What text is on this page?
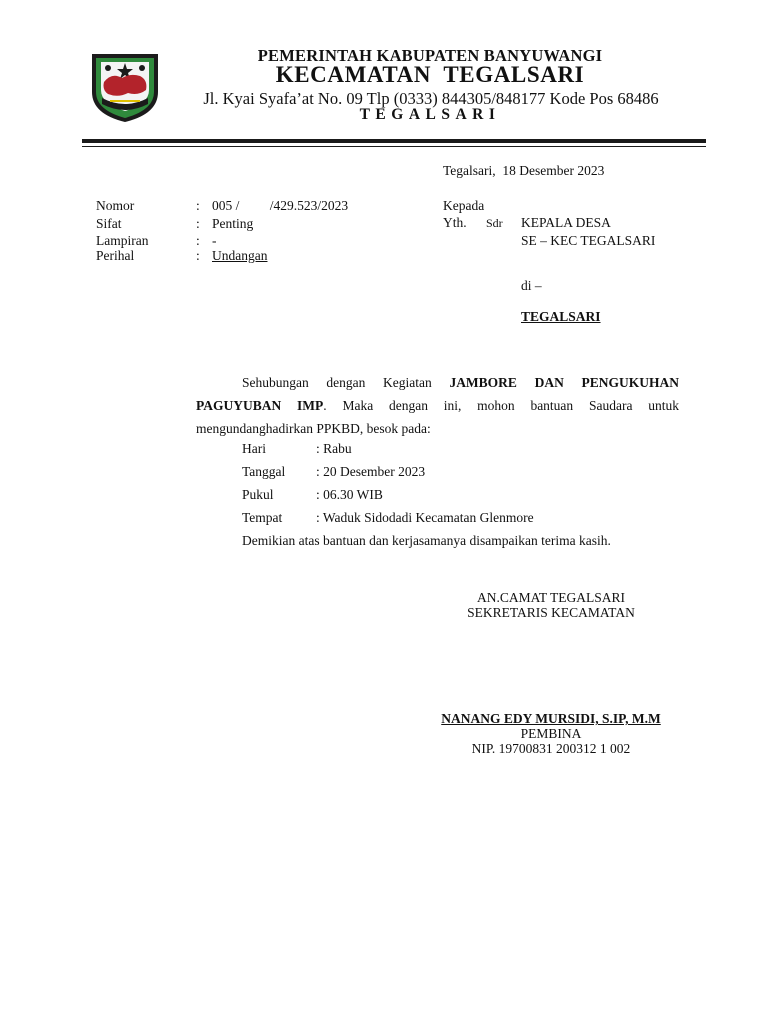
PEMERINTAH KABUPATEN BANYUWANGI
KECAMATAN  TEGALSARI
Jl. Kyai Syafa’at No. 09 Tlp (0333) 844305/848177 Kode Pos 68486
TEGALSARI
Tegalsari,  18 Desember 2023
Nomor	: 005 /         /429.523/2023
Sifat	: Penting
Lampiran	: -
Perihal	: Undangan
Kepada
Yth. Sdr KEPALA DESA
SE – KEC TEGALSARI
di –
TEGALSARI
Sehubungan dengan Kegiatan JAMBORE DAN PENGUKUHAN PAGUYUBAN IMP. Maka dengan ini, mohon bantuan Saudara untuk mengundanghadirkan PPKBD, besok pada:
Hari	: Rabu
Tanggal : 20 Desember 2023
Pukul	: 06.30 WIB
Tempat : Waduk Sidodadi Kecamatan Glenmore
Demikian atas bantuan dan kerjasamanya disampaikan terima kasih.
AN.CAMAT TEGALSARI
SEKRETARIS KECAMATAN
NANANG EDY MURSIDI, S.IP, M.M
PEMBINA
NIP. 19700831 200312 1 002
